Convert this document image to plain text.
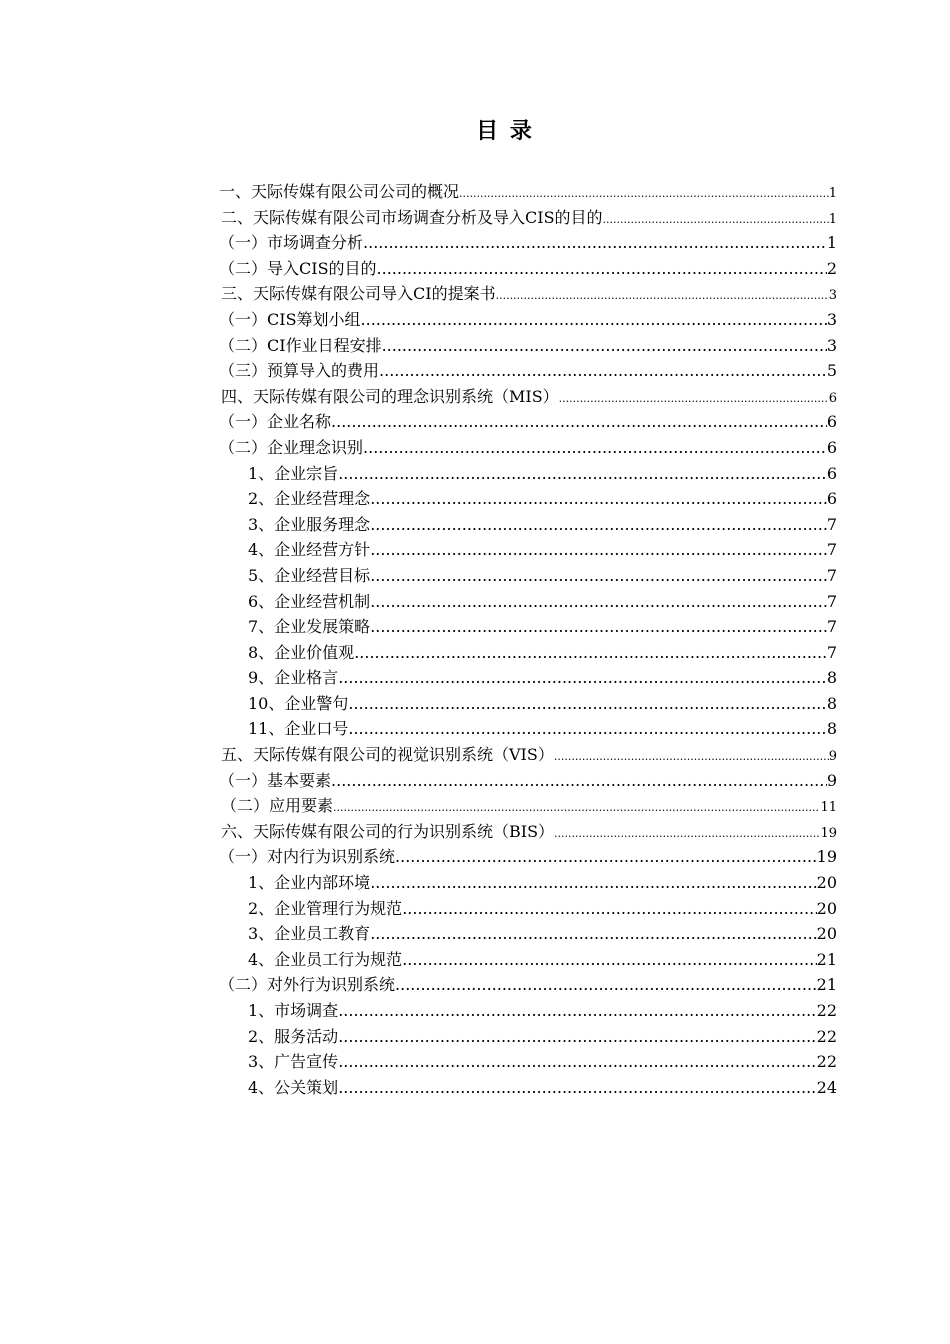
目 录
一、天际传媒有限公司公司的概况 .....	1
二、天际传媒有限公司市场调查分析及导入CIS的目的 .....	1
（一）市场调查分析 .....	1
（二）导入CIS的目的 .....	2
三、天际传媒有限公司导入CI的提案书 .....	3
（一）CIS筹划小组 .....	3
（二）CI作业日程安排 .....	3
（三）预算导入的费用 .....	5
四、天际传媒有限公司的理念识别系统（MIS） .....	6
（一）企业名称 .....	6
（二）企业理念识别 .....	6
1、企业宗旨 .....	6
2、企业经营理念 .....	6
3、企业服务理念 .....	7
4、企业经营方针 .....	7
5、企业经营目标 .....	7
6、企业经营机制 .....	7
7、企业发展策略 .....	7
8、企业价值观 .....	7
9、企业格言 .....	8
10、企业警句 .....	8
11、企业口号 .....	8
五、天际传媒有限公司的视觉识别系统（VIS） .....	9
（一）基本要素 .....	9
（二）应用要素 .....	11
六、天际传媒有限公司的行为识别系统（BIS） .....	19
（一）对内行为识别系统 .....	19
1、企业内部环境 .....	20
2、企业管理行为规范 .....	20
3、企业员工教育 .....	20
4、企业员工行为规范 .....	21
（二）对外行为识别系统 .....	21
1、市场调查 .....	22
2、服务活动 .....	22
3、广告宣传 .....	22
4、公关策划 .....	24
